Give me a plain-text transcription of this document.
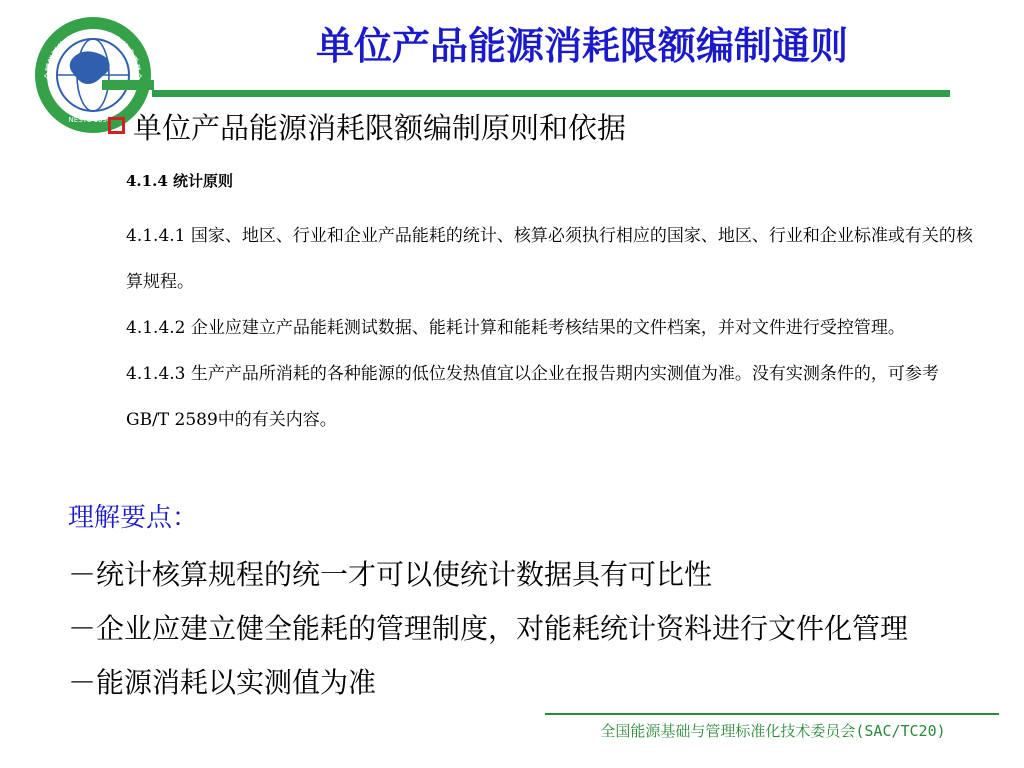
全国能源基础与管理标准化技术委员会
NESTC 1994
单位产品能源消耗限额编制通则
单位产品能源消耗限额编制原则和依据
4.1.4 统计原则

4.1.4.1 国家、地区、行业和企业产品能耗的统计、核算必须执行相应的国家、地区、行业和企业标准或有关的核算规程。

4.1.4.2 企业应建立产品能耗测试数据、能耗计算和能耗考核结果的文件档案，并对文件进行受控管理。

4.1.4.3 生产产品所消耗的各种能源的低位发热值宜以企业在报告期内实测值为准。没有实测条件的，可参考GB/T 2589中的有关内容。

理解要点：

－统计核算规程的统一才可以使统计数据具有可比性

－企业应建立健全能耗的管理制度，对能耗统计资料进行文件化管理

－能源消耗以实测值为准

全国能源基础与管理标准化技术委员会(SAC/TC20)
